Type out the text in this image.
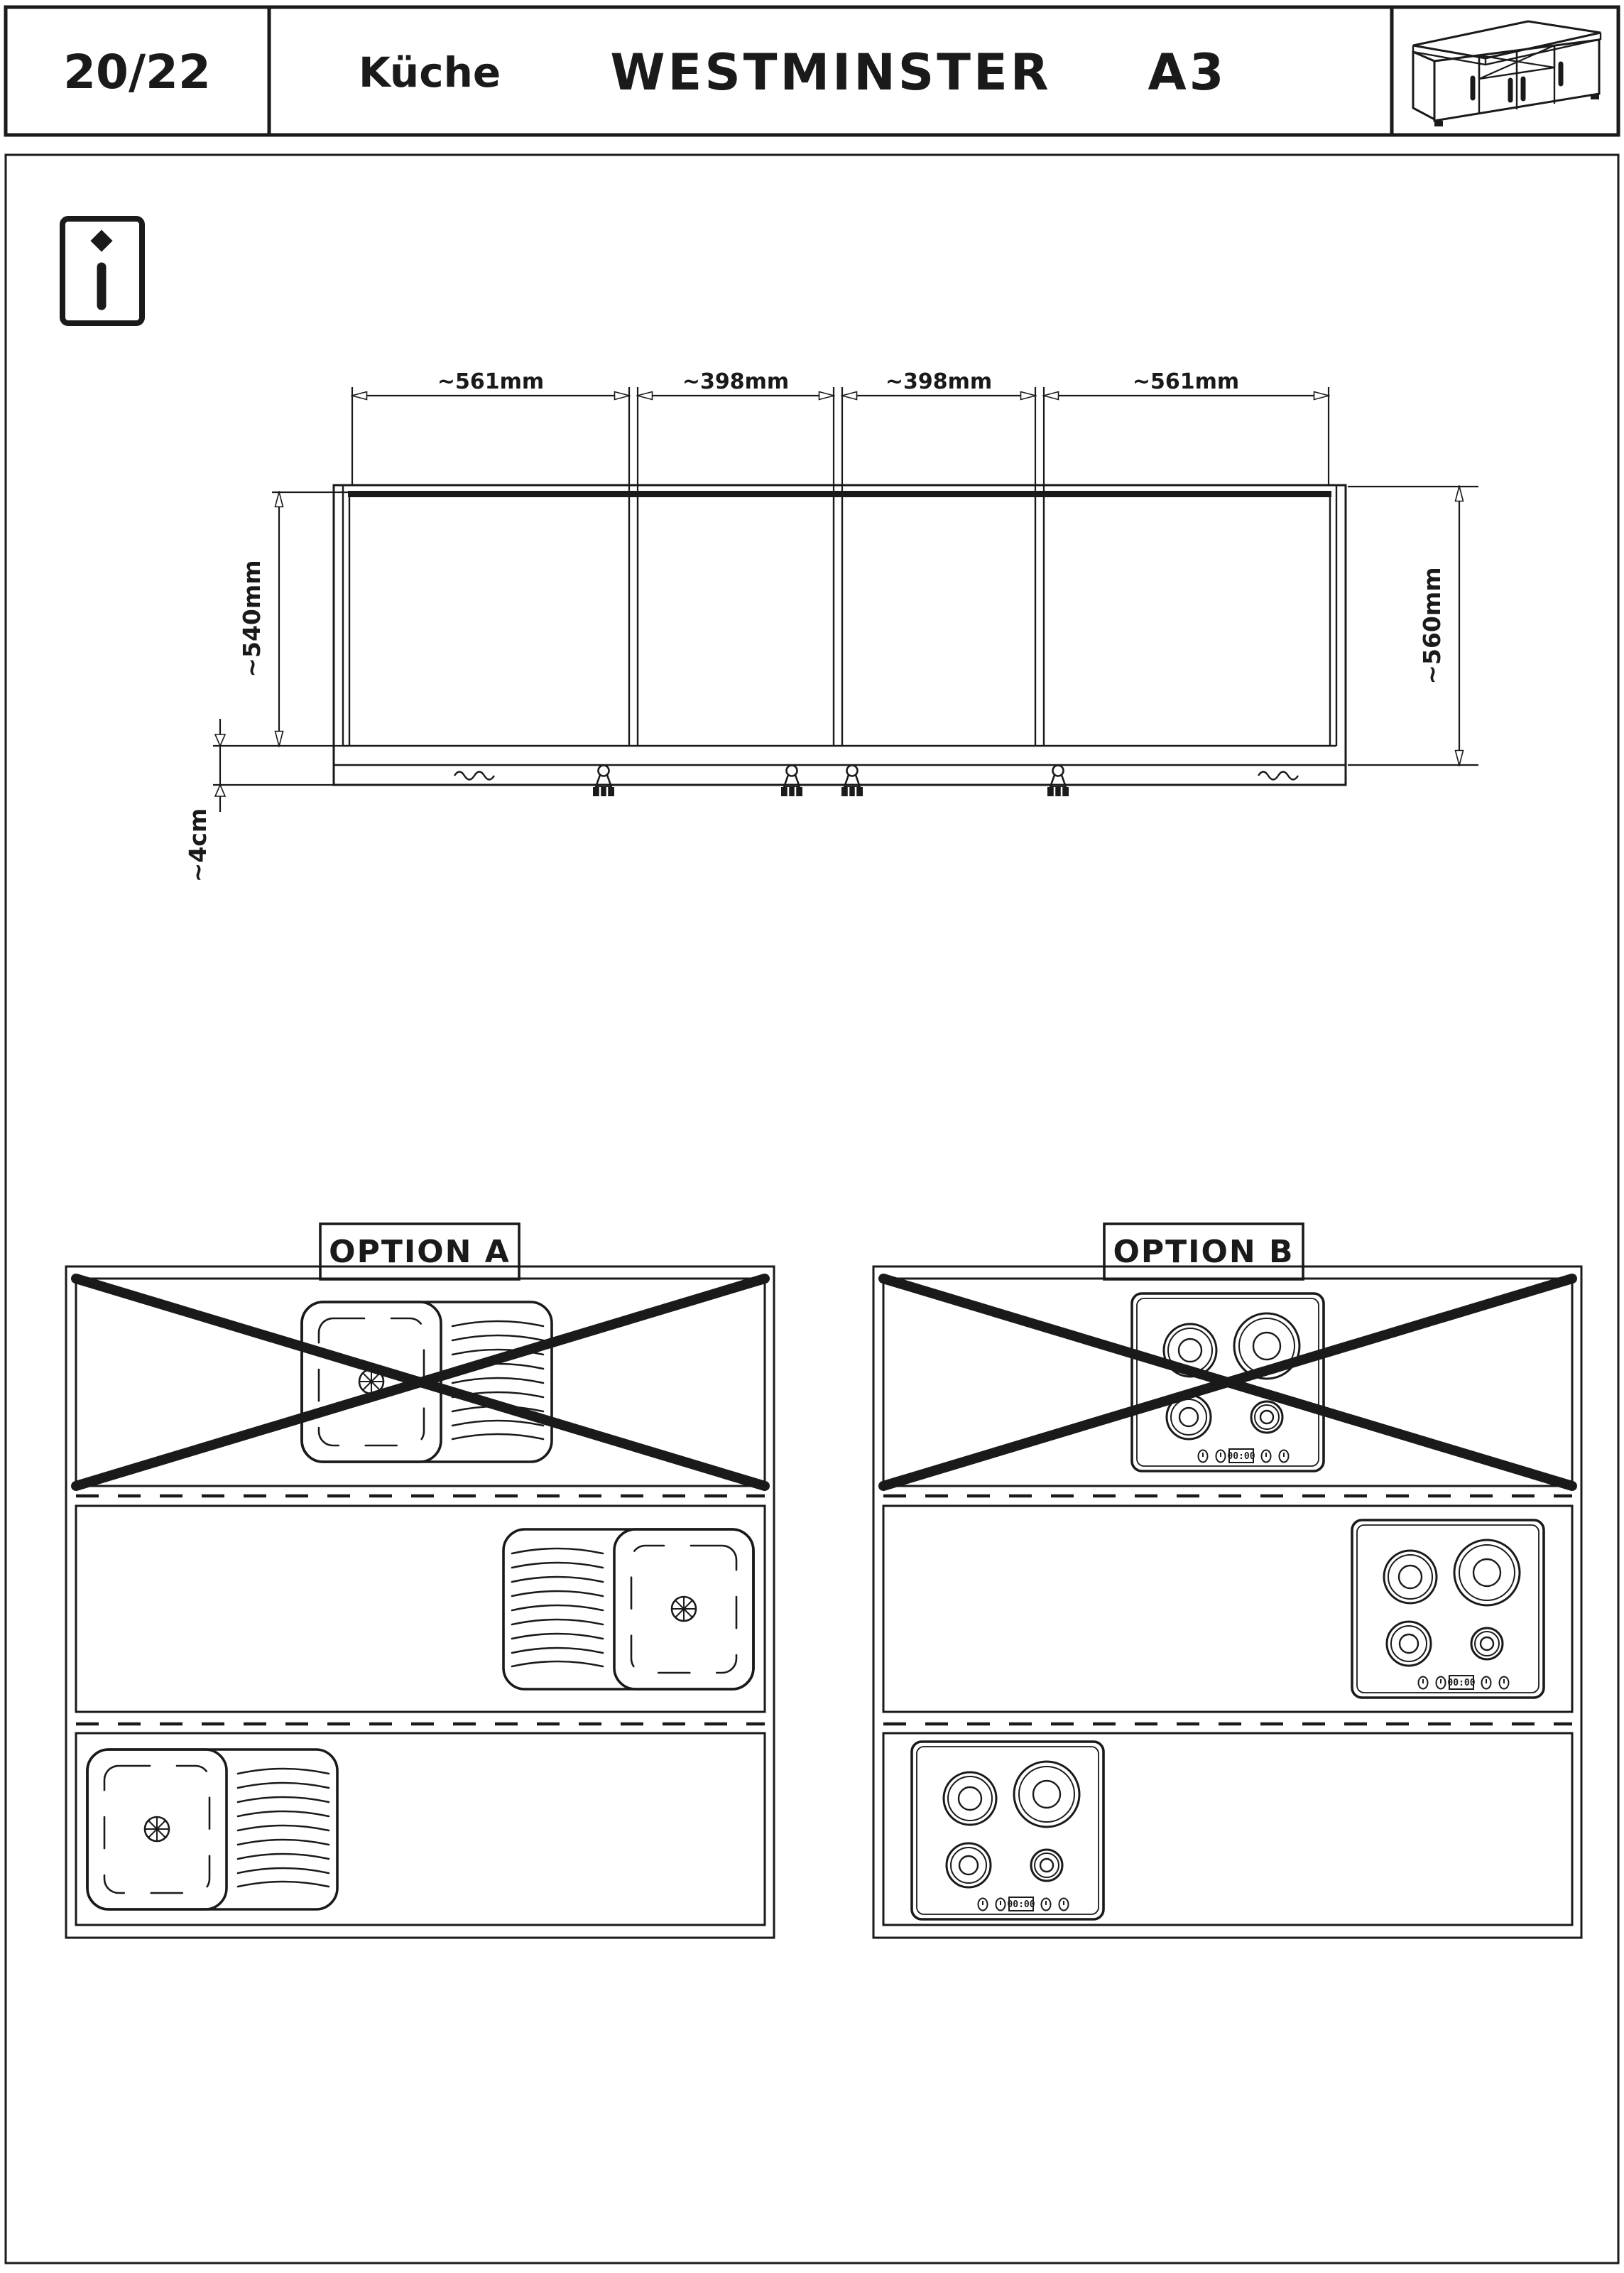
20/22	Küche WESTMINSTER A3
~561mm	~398mm	~398mm	~561mm
~540mm	~560mm
~4cm
OPTION A
00:00
00:00
00:00
OPTION B
